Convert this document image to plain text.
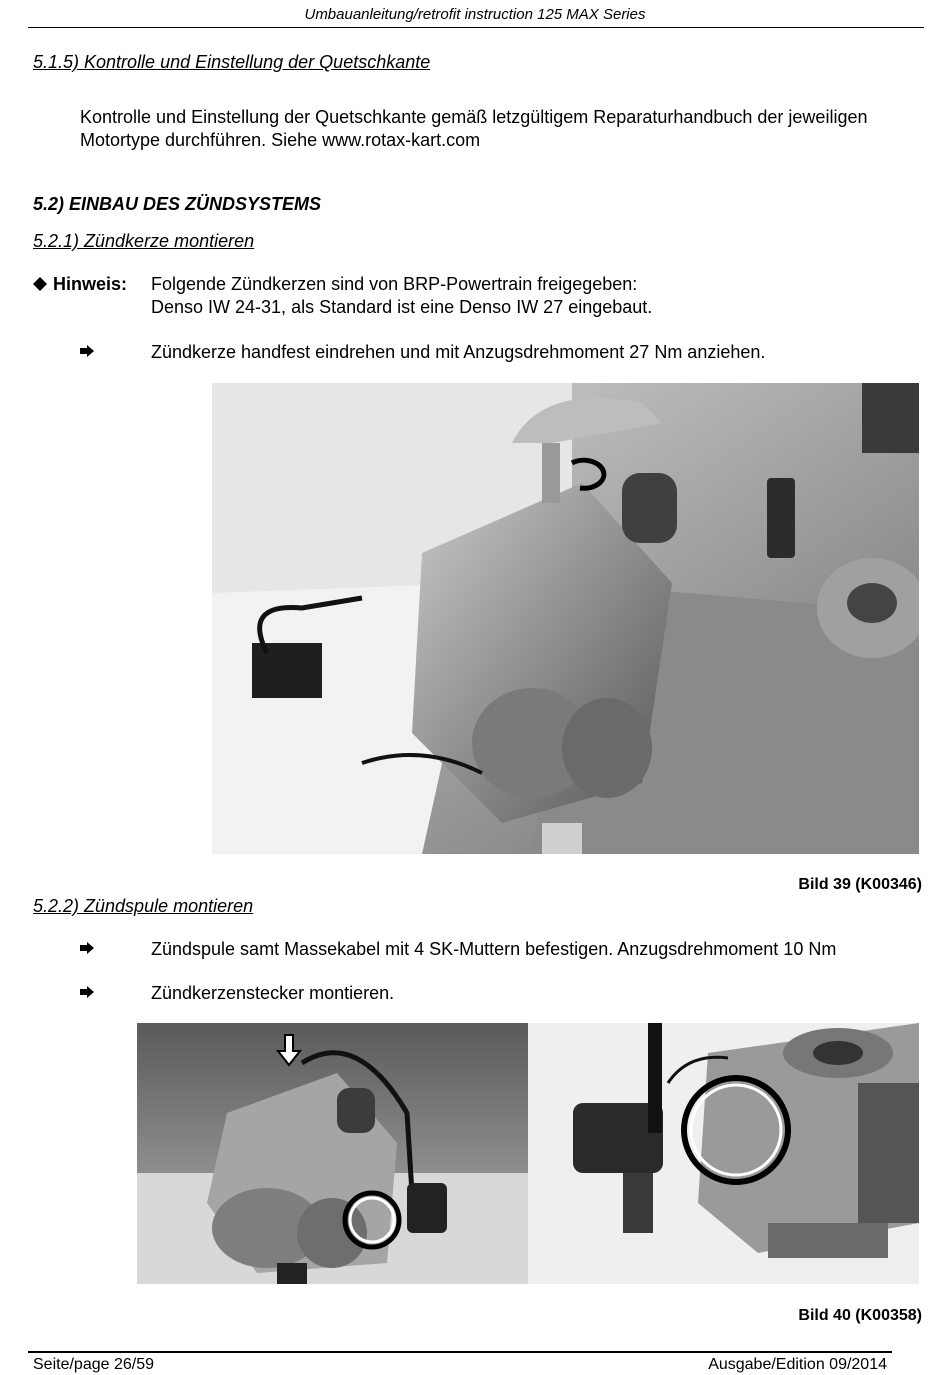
Umbauanleitung/retrofit instruction 125 MAX Series
5.1.5) Kontrolle und Einstellung der Quetschkante
Kontrolle und Einstellung der Quetschkante gemäß letzgültigem Reparaturhandbuch der jeweiligen
Motortype durchführen. Siehe www.rotax-kart.com
5.2) EINBAU DES ZÜNDSYSTEMS
5.2.1) Zündkerze montieren
Hinweis: Folgende Zündkerzen sind von BRP-Powertrain freigegeben:
Denso IW 24-31, als Standard ist eine Denso IW 27 eingebaut.
Zündkerze handfest eindrehen und mit Anzugsdrehmoment 27 Nm anziehen.
Bild 39 (K00346)
5.2.2) Zündspule montieren
Zündspule samt Massekabel mit 4 SK-Muttern befestigen. Anzugsdrehmoment 10 Nm
Zündkerzenstecker montieren.
Bild 40 (K00358)
Seite/page 26/59	Ausgabe/Edition 09/2014
